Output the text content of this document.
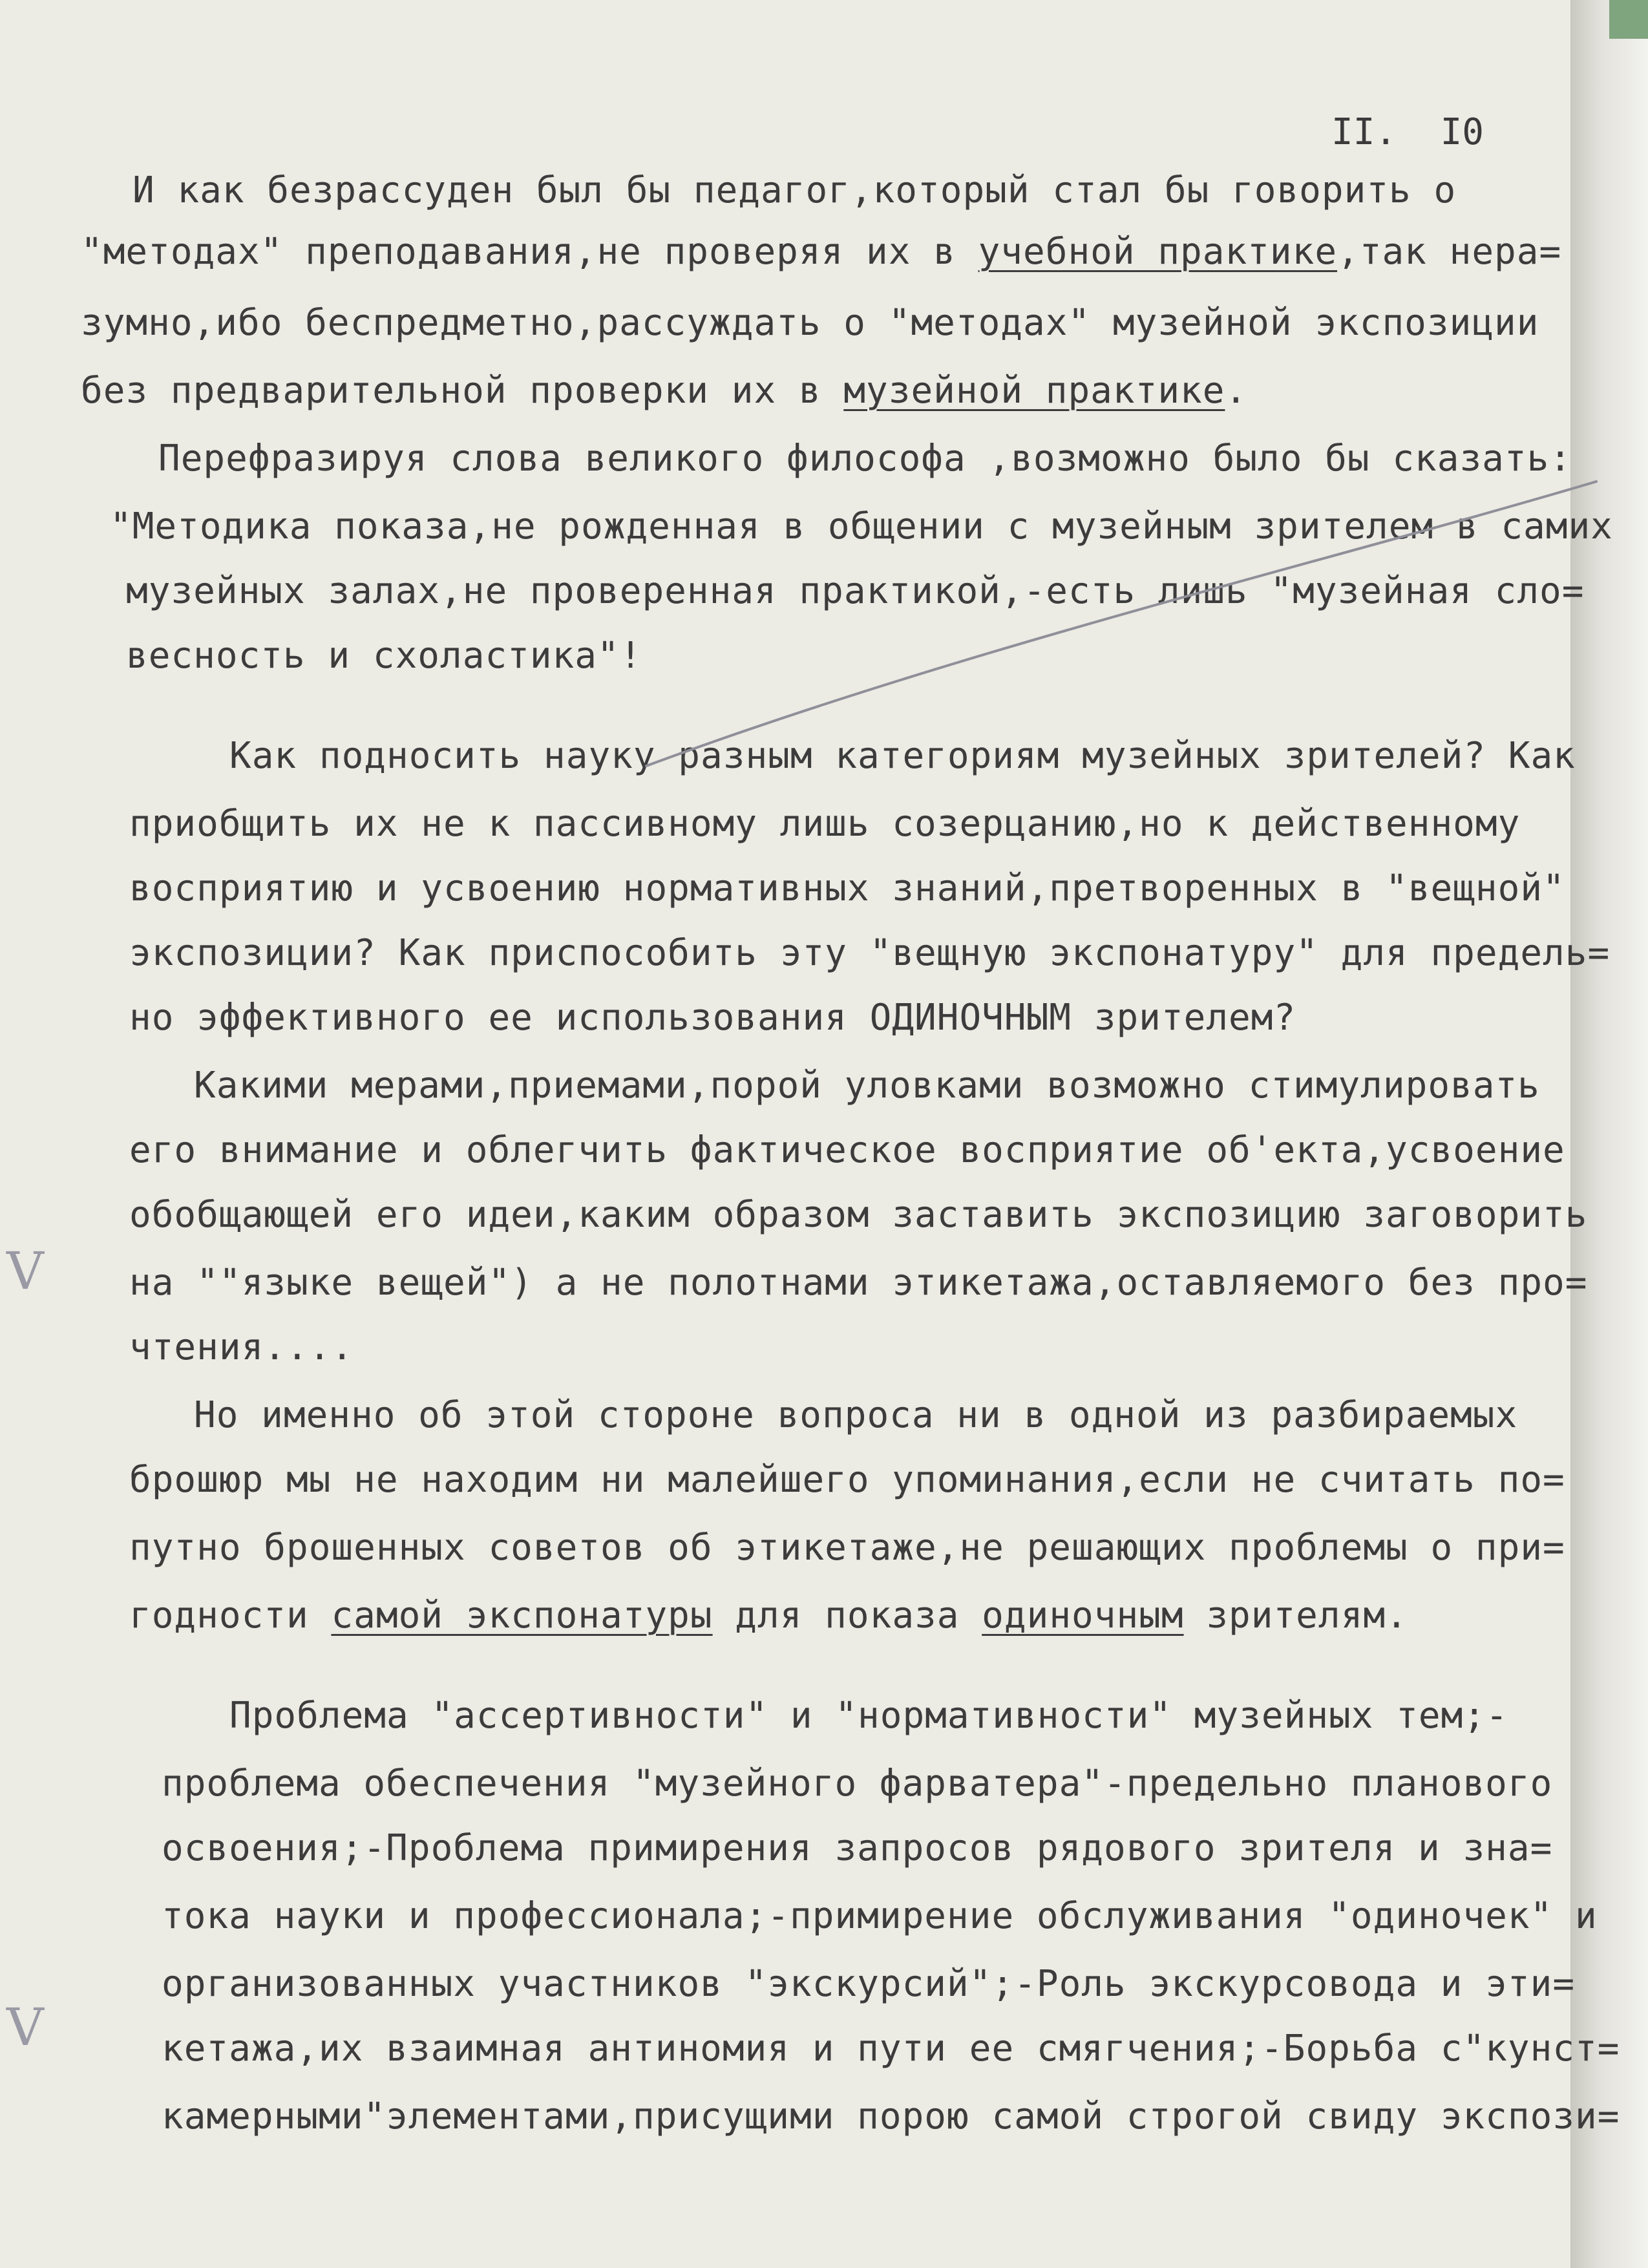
II.  I0
И как безрассуден был бы педагог,который стал бы говорить о
"методах" преподавания,не проверяя их в учебной практике,так нера=
зумно,ибо беспредметно,рассуждать о "методах" музейной экспозиции
без предварительной проверки их в музейной практике.
Перефразируя слова великого философа ,возможно было бы сказать:
"Методика показа,не рожденная в общении с музейным зрителем в самих
музейных залах,не проверенная практикой,-есть лишь "музейная сло=
весность и схоластика"!
Как подносить науку разным категориям музейных зрителей? Как
приобщить их не к пассивному лишь созерцанию,но к действенному
восприятию и усвоению нормативных знаний,претворенных в "вещной"
экспозиции? Как приспособить эту "вещную экспонатуру" для предель=
но эффективного ее использования ОДИНОЧНЫМ зрителем?
Какими мерами,приемами,порой уловками возможно стимулировать
его внимание и облегчить фактическое восприятие об'екта,усвоение
обобщающей его идеи,каким образом заставить экспозицию заговорить
на ""языке вещей") а не полотнами этикетажа,оставляемого без про=
чтения....
Но именно об этой стороне вопроса ни в одной из разбираемых
брошюр мы не находим ни малейшего упоминания,если не считать по=
путно брошенных советов об этикетаже,не решающих проблемы о при=
годности самой экспонатуры для показа одиночным зрителям.
Проблема "ассертивности" и "нормативности" музейных тем;-
проблема обеспечения "музейного фарватера"-предельно планового
освоения;-Проблема примирения запросов рядового зрителя и зна=
тока науки и профессионала;-примирение обслуживания "одиночек" и
организованных участников "экскурсий";-Роль экскурсовода и эти=
кетажа,их взаимная антиномия и пути ее смягчения;-Борьба с"кунст=
камерными"элементами,присущими порою самой строгой свиду экспози=
V
V
